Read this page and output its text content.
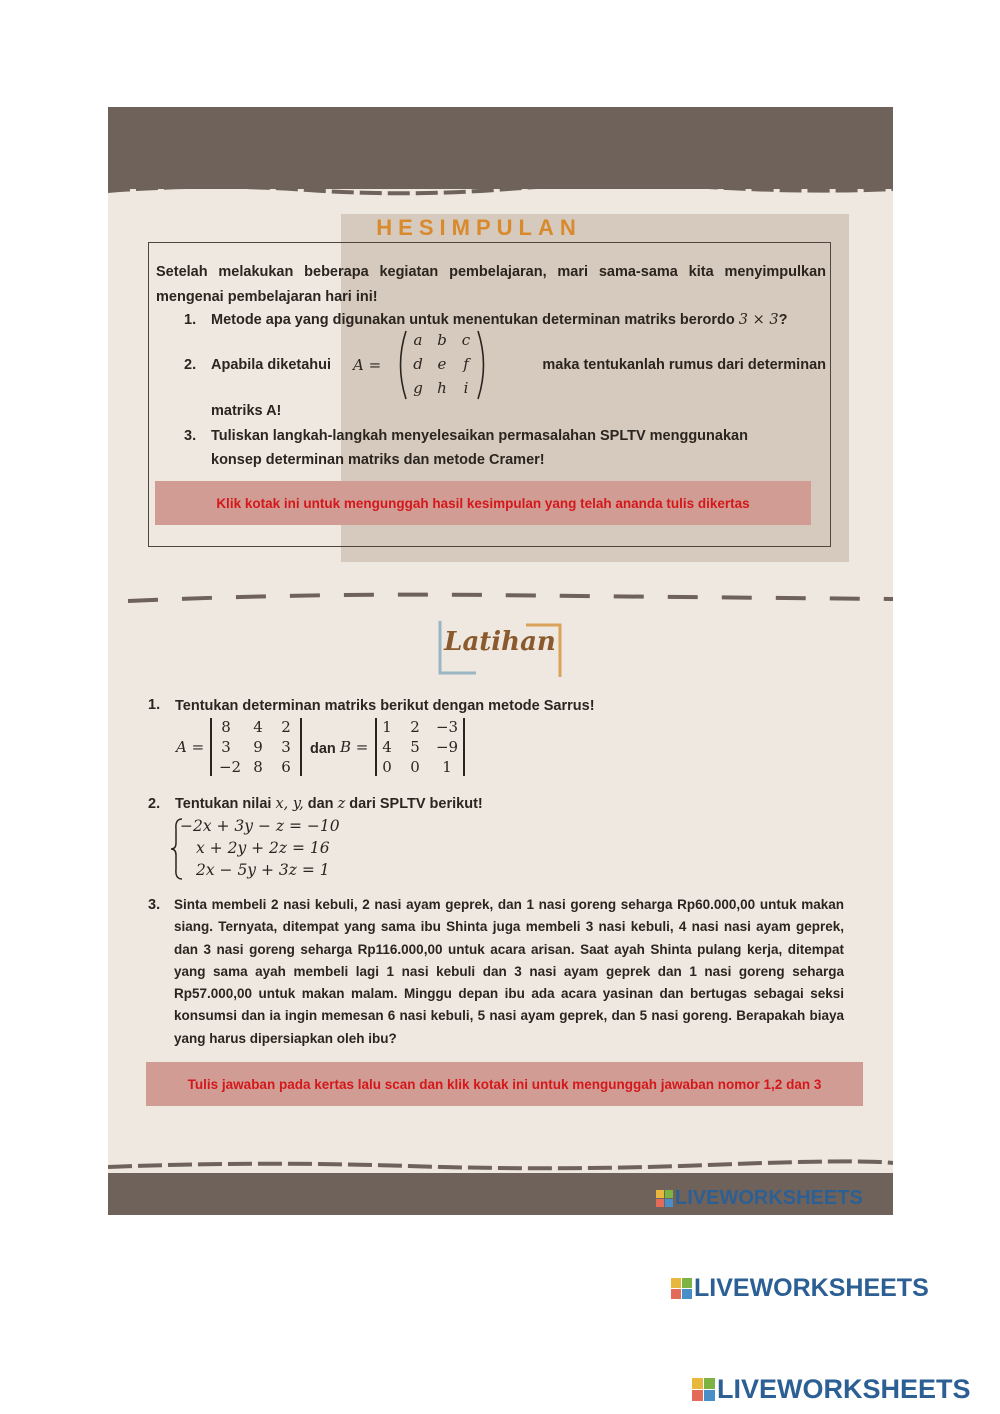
HESIMPULAN
Setelah melakukan beberapa kegiatan pembelajaran, mari sama-sama kita menyimpulkan mengenai pembelajaran hari ini!
1. Metode apa yang digunakan untuk menentukan determinan matriks berordo 3 × 3?
2. Apabila diketahui A =
a b	c
d e	f
g h	i
maka tentukanlah rumus dari determinan
matriks A!
3. Tuliskan langkah-langkah menyelesaikan permasalahan SPLTV menggunakan
konsep determinan matriks dan metode Cramer!
Klik kotak ini untuk mengunggah hasil kesimpulan yang telah ananda tulis dikertas
Latihan
1. Tentukan determinan matriks berikut dengan metode Sarrus!
A =
8	4	2
3	9	3
−2 8	6
dan B =
1	2	−3
4	5	−9
0	0	1
2. Tentukan nilai x, y, dan z dari SPLTV berikut!
−2x + 3y − z = −10
x + 2y + 2z = 16
2x − 5y + 3z = 1
3. Sinta membeli 2 nasi kebuli, 2 nasi ayam geprek, dan 1 nasi goreng seharga Rp60.000,00 untuk makan siang. Ternyata, ditempat yang sama ibu Shinta juga membeli 3 nasi kebuli, 4 nasi nasi ayam geprek, dan 3 nasi goreng seharga Rp116.000,00 untuk acara arisan. Saat ayah Shinta pulang kerja, ditempat yang sama ayah membeli lagi 1 nasi kebuli dan 3 nasi ayam geprek dan 1 nasi goreng seharga Rp57.000,00 untuk makan malam. Minggu depan ibu ada acara yasinan dan bertugas sebagai seksi konsumsi dan ia ingin memesan 6 nasi kebuli, 5 nasi ayam geprek, dan 5 nasi goreng. Berapakah biaya yang harus dipersiapkan oleh ibu?
Tulis jawaban pada kertas lalu scan dan klik kotak ini untuk mengunggah jawaban nomor 1,2 dan 3
LIVEWORKSHEETS
LIVEWORKSHEETS
LIVEWORKSHEETS
